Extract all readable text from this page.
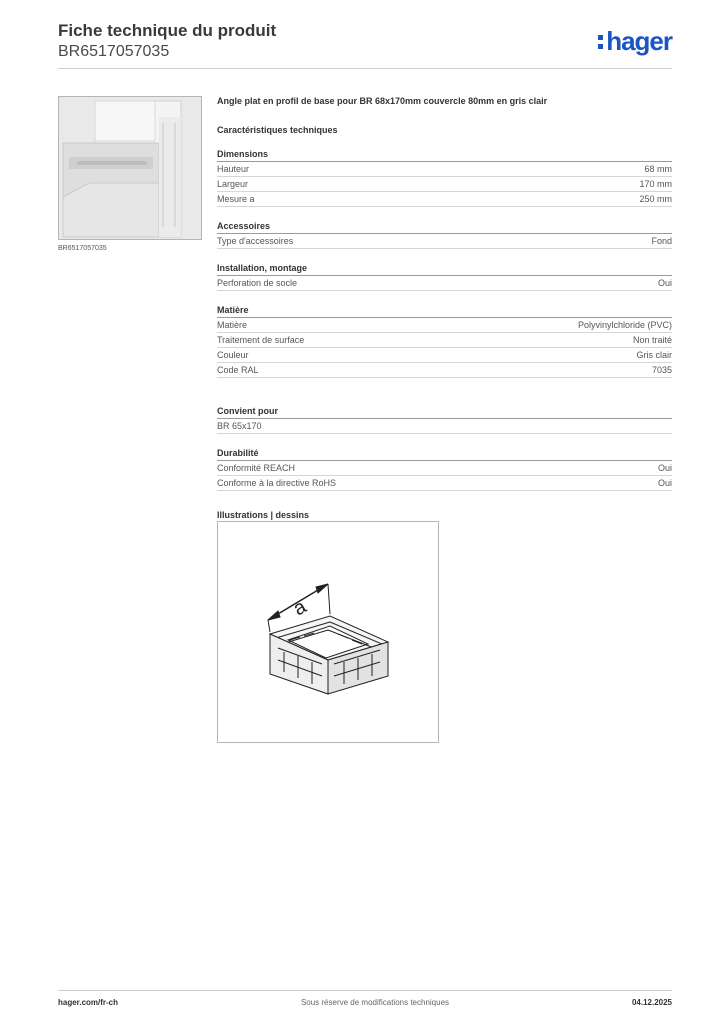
Fiche technique du produit
BR6517057035	hager
BR6517057035
Angle plat en profil de base pour BR 68x170mm couvercle 80mm en gris clair
Caractéristiques techniques
Dimensions
Hauteur	68 mm
Largeur	170 mm
Mesure a	250 mm
Accessoires
Type d'accessoires	Fond
Installation, montage
Perforation de socle	Oui
Matière
Matière	Polyvinylchloride (PVC)
Traitement de surface	Non traité
Couleur	Gris clair
Code RAL	7035
Convient pour
BR 65x170
Durabilité
Conformité REACH	Oui
Conforme à la directive RoHS	Oui
Illustrations | dessins
a
hager.com/fr-ch	Sous réserve de modifications techniques	04.12.2025
